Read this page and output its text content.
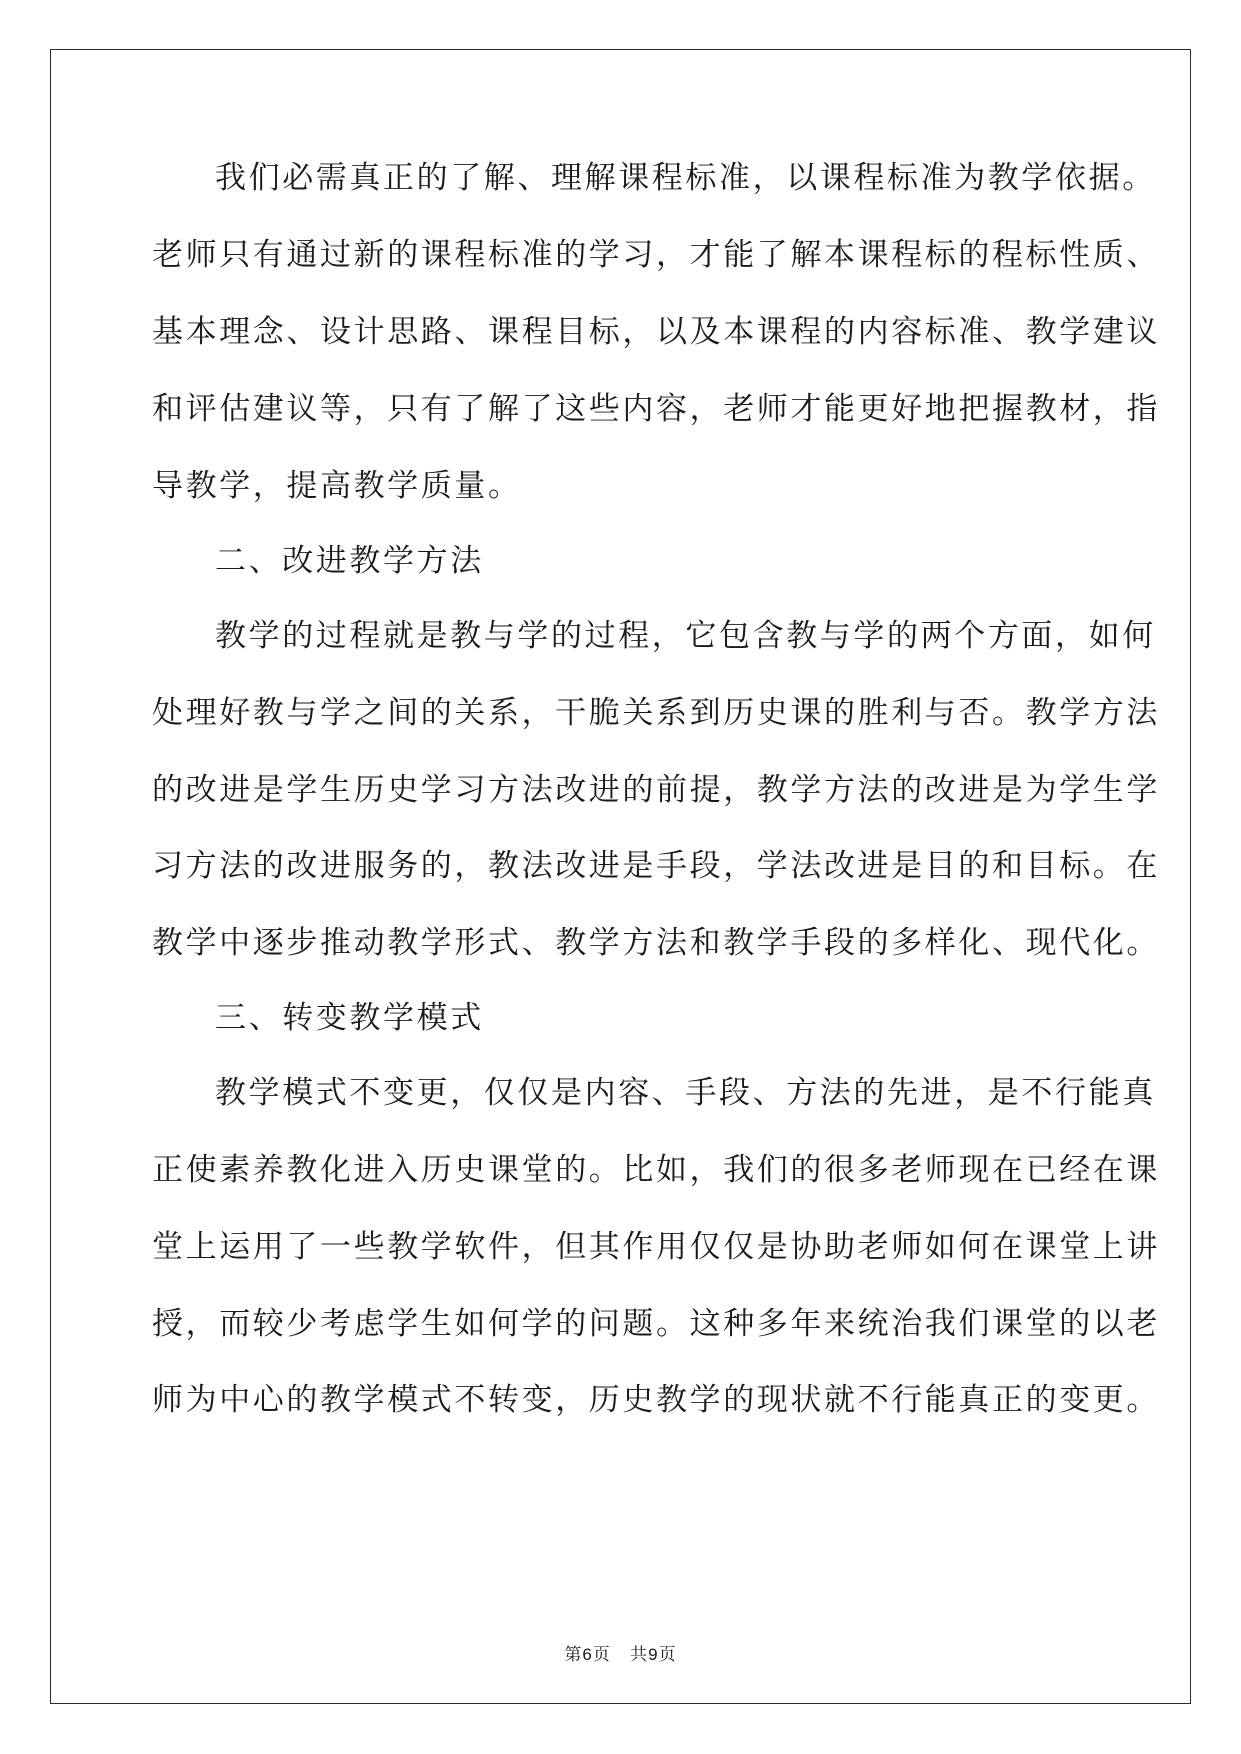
我们必需真正的了解、理解课程标准，以课程标准为教学依据。
老师只有通过新的课程标准的学习，才能了解本课程标的程标性质、
基本理念、设计思路、课程目标，以及本课程的内容标准、教学建议
和评估建议等，只有了解了这些内容，老师才能更好地把握教材，指
导教学，提高教学质量。
二、改进教学方法
教学的过程就是教与学的过程，它包含教与学的两个方面，如何
处理好教与学之间的关系，干脆关系到历史课的胜利与否。教学方法
的改进是学生历史学习方法改进的前提，教学方法的改进是为学生学
习方法的改进服务的，教法改进是手段，学法改进是目的和目标。在
教学中逐步推动教学形式、教学方法和教学手段的多样化、现代化。
三、转变教学模式
教学模式不变更，仅仅是内容、手段、方法的先进，是不行能真
正使素养教化进入历史课堂的。比如，我们的很多老师现在已经在课
堂上运用了一些教学软件，但其作用仅仅是协助老师如何在课堂上讲
授，而较少考虑学生如何学的问题。这种多年来统治我们课堂的以老
师为中心的教学模式不转变，历史教学的现状就不行能真正的变更。
第6页 共9页
